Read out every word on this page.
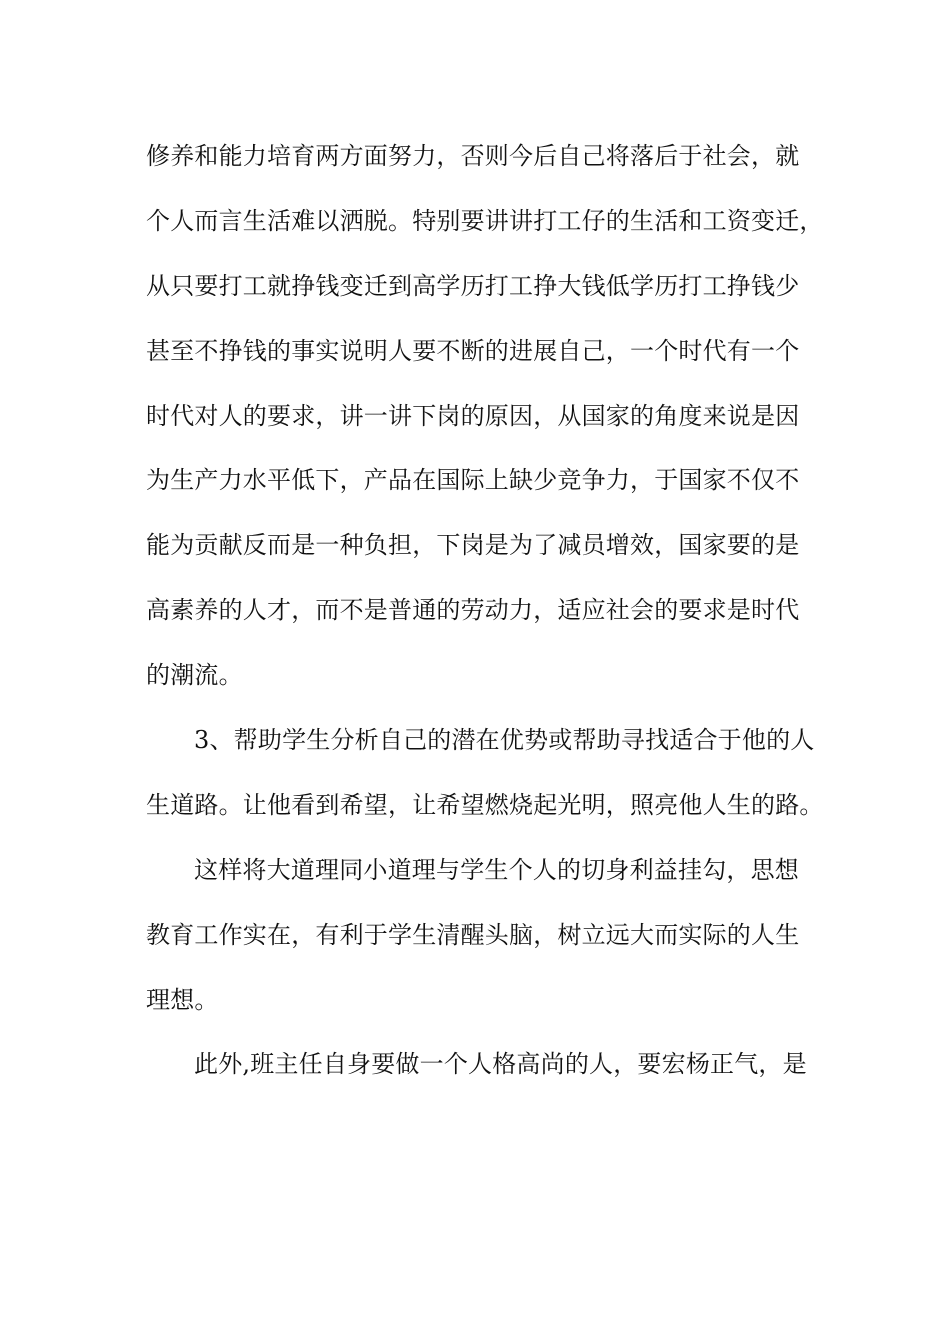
修养和能力培育两方面努力，否则今后自己将落后于社会，就
个人而言生活难以洒脱。特别要讲讲打工仔的生活和工资变迁，
从只要打工就挣钱变迁到高学历打工挣大钱低学历打工挣钱少
甚至不挣钱的事实说明人要不断的进展自己，一个时代有一个
时代对人的要求，讲一讲下岗的原因，从国家的角度来说是因
为生产力水平低下，产品在国际上缺少竞争力，于国家不仅不
能为贡献反而是一种负担，下岗是为了减员增效，国家要的是
高素养的人才，而不是普通的劳动力，适应社会的要求是时代
的潮流。
3、帮助学生分析自己的潜在优势或帮助寻找适合于他的人
生道路。让他看到希望，让希望燃烧起光明，照亮他人生的路。
这样将大道理同小道理与学生个人的切身利益挂勾，思想
教育工作实在，有利于学生清醒头脑，树立远大而实际的人生
理想。
此外,班主任自身要做一个人格高尚的人，要宏杨正气，是
